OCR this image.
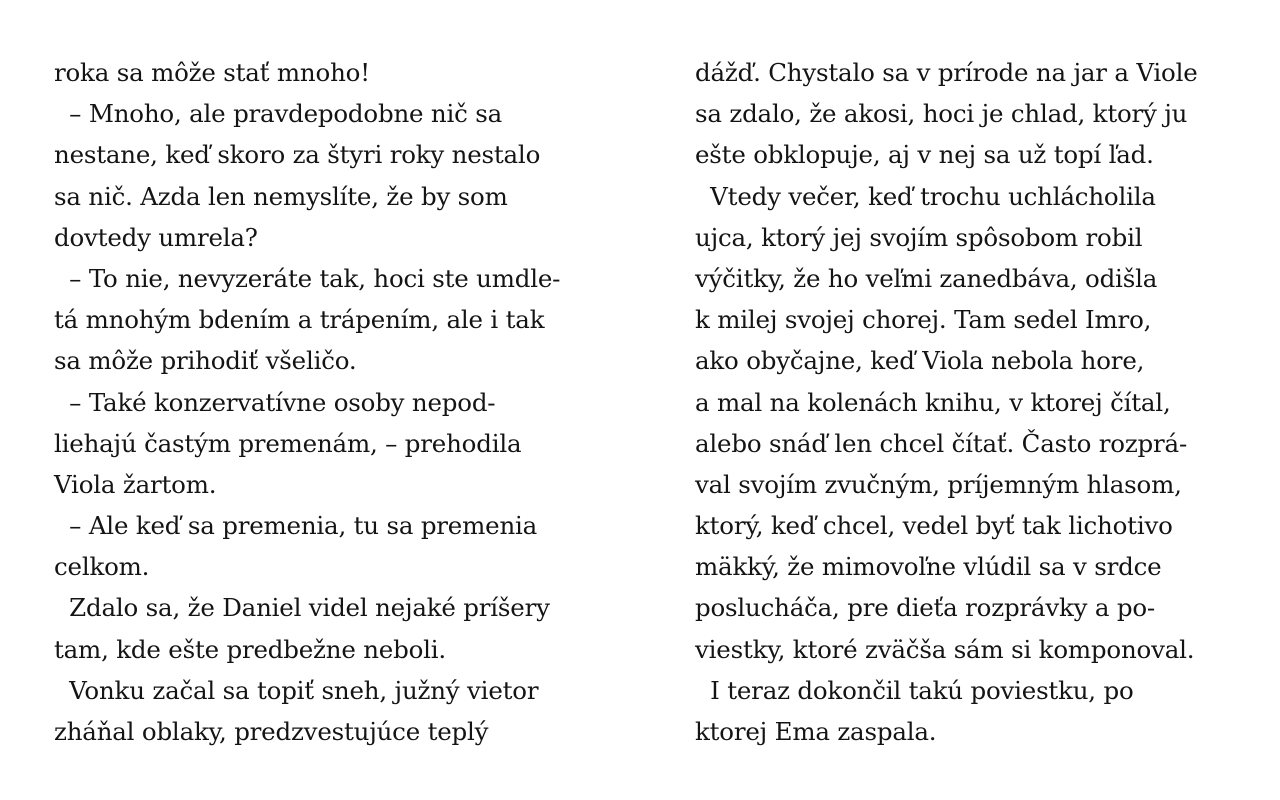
roka sa môže stať mnoho!
– Mnoho, ale pravdepodobne nič sa
nestane, keď skoro za štyri roky nestalo
sa nič. Azda len nemyslíte, že by som
dovtedy umrela?
– To nie, nevyzeráte tak, hoci ste umdle-
tá mnohým bdením a trápením, ale i tak
sa môže prihodiť všeličo.
– Také konzervatívne osoby nepod-
liehajú častým premenám, – prehodila
Viola žartom.
– Ale keď sa premenia, tu sa premenia
celkom.
Zdalo sa, že Daniel videl nejaké príšery
tam, kde ešte predbežne neboli.
Vonku začal sa topiť sneh, južný vietor
zháňal oblaky, predzvestujúce teplý
dážď. Chystalo sa v prírode na jar a Viole
sa zdalo, že akosi, hoci je chlad, ktorý ju
ešte obklopuje, aj v nej sa už topí ľad.
Vtedy večer, keď trochu uchlácholila
ujca, ktorý jej svojím spôsobom robil
výčitky, že ho veľmi zanedbáva, odišla
k milej svojej chorej. Tam sedel Imro,
ako obyčajne, keď Viola nebola hore,
a mal na kolenách knihu, v ktorej čítal,
alebo snáď len chcel čítať. Často rozprá-
val svojím zvučným, príjemným hlasom,
ktorý, keď chcel, vedel byť tak lichotivo
mäkký, že mimovoľne vlúdil sa v srdce
poslucháča, pre dieťa rozprávky a po-
viestky, ktoré zväčša sám si komponoval.
I teraz dokončil takú poviestku, po
ktorej Ema zaspala.
